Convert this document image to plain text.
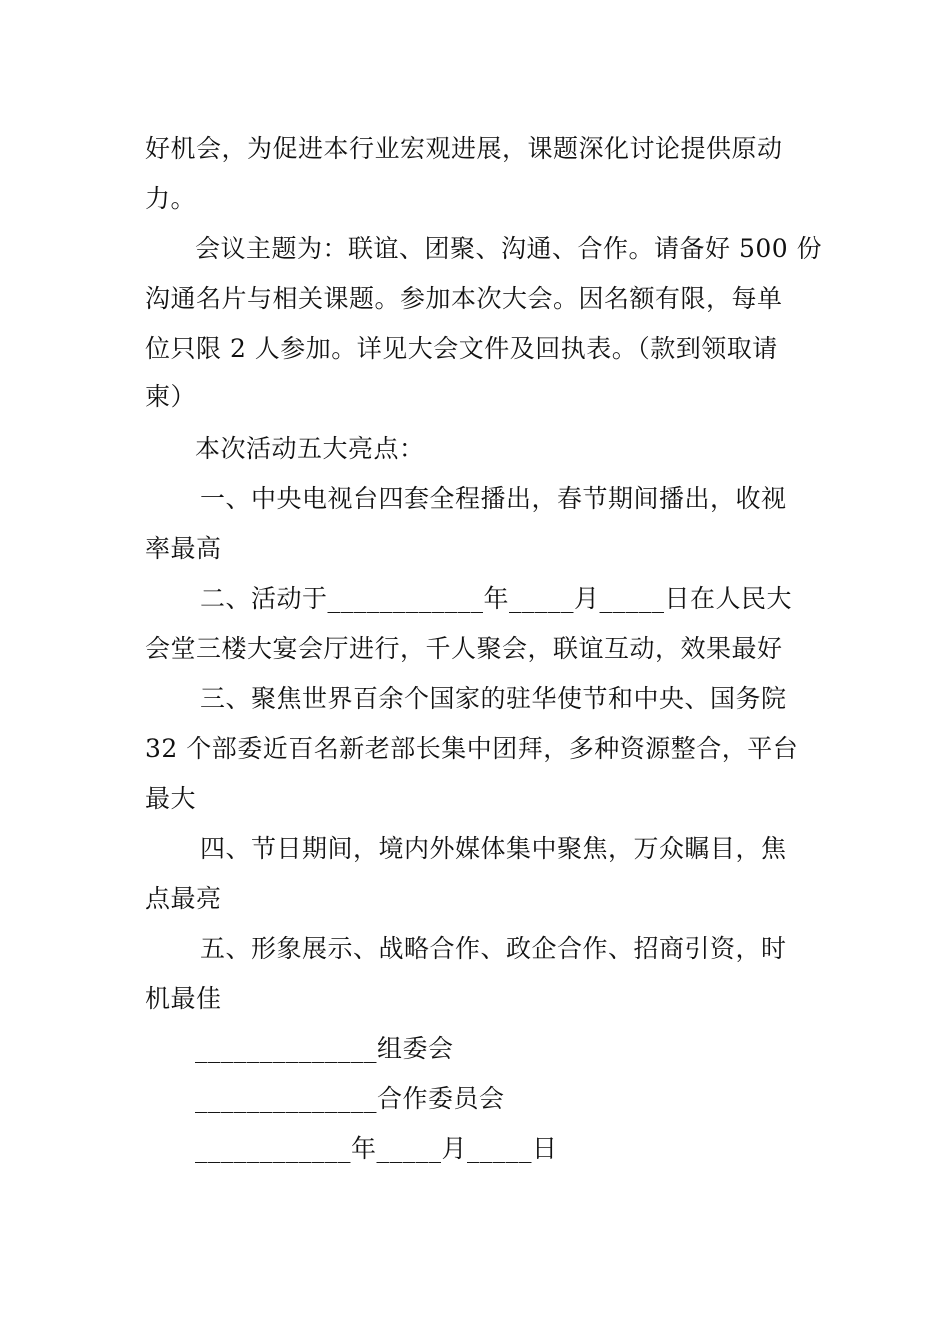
好机会，为促进本行业宏观进展，课题深化讨论提供原动
力。
会议主题为：联谊、团聚、沟通、合作。请备好 500 份
沟通名片与相关课题。参加本次大会。因名额有限，每单
位只限 2 人参加。详见大会文件及回执表。（款到领取请
柬）
本次活动五大亮点：
一、中央电视台四套全程播出，春节期间播出，收视
率最高
二、活动于____________年_____月_____日在人民大
会堂三楼大宴会厅进行，千人聚会，联谊互动，效果最好
三、聚焦世界百余个国家的驻华使节和中央、国务院
32 个部委近百名新老部长集中团拜，多种资源整合，平台
最大
四、节日期间，境内外媒体集中聚焦，万众瞩目，焦
点最亮
五、形象展示、战略合作、政企合作、招商引资，时
机最佳
______________组委会
______________合作委员会
____________年_____月_____日
